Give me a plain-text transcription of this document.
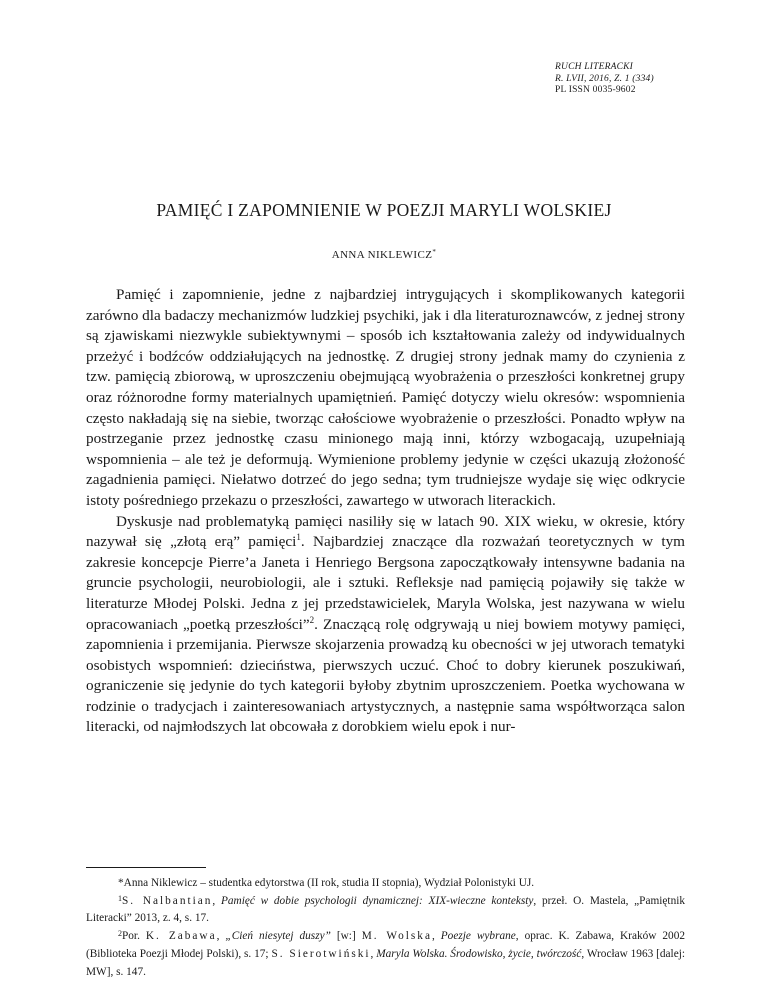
RUCH LITERACKI
R. LVII, 2016, Z. 1 (334)
PL ISSN 0035-9602
PAMIĘĆ I ZAPOMNIENIE W POEZJI MARYLI WOLSKIEJ
ANNA NIKLEWICZ*

Pamięć i zapomnienie, jedne z najbardziej intrygujących i skomplikowanych kategorii zarówno dla badaczy mechanizmów ludzkiej psychiki, jak i dla literaturoznawców, z jednej strony są zjawiskami niezwykle subiektywnymi – sposób ich kształtowania zależy od indywidualnych przeżyć i bodźców oddziałujących na jednostkę. Z drugiej strony jednak mamy do czynienia z tzw. pamięcią zbiorową, w uproszczeniu obejmującą wyobrażenia o przeszłości konkretnej grupy oraz różnorodne formy materialnych upamiętnień. Pamięć dotyczy wielu okresów: wspomnienia często nakładają się na siebie, tworząc całościowe wyobrażenie o przeszłości. Ponadto wpływ na postrzeganie przez jednostkę czasu minionego mają inni, którzy wzbogacają, uzupełniają wspomnienia – ale też je deformują. Wymienione problemy jedynie w części ukazują złożoność zagadnienia pamięci. Niełatwo dotrzeć do jego sedna; tym trudniejsze wydaje się więc odkrycie istoty pośredniego przekazu o przeszłości, zawartego w utworach literackich.

Dyskusje nad problematyką pamięci nasiliły się w latach 90. XIX wieku, w okresie, który nazywał się „złotą erą” pamięci$^1$. Najbardziej znaczące dla rozważań teoretycznych w tym zakresie koncepcje Pierre’a Janeta i Henriego Bergsona zapoczątkowały intensywne badania na gruncie psychologii, neurobiologii, ale i sztuki. Refleksje nad pamięcią pojawiły się także w literaturze Młodej Polski. Jedna z jej przedstawicielek, Maryla Wolska, jest nazywana w wielu opracowaniach „poetką przeszłości”$^2$. Znaczącą rolę odgrywają u niej bowiem motywy pamięci, zapomnienia i przemijania. Pierwsze skojarzenia prowadzą ku obecności w jej utworach tematyki osobistych wspomnień: dzieciństwa, pierwszych uczuć. Choć to dobry kierunek poszukiwań, ograniczenie się jedynie do tych kategorii byłoby zbytnim uproszczeniem. Poetka wychowana w rodzinie o tradycjach i zainteresowaniach artystycznych, a następnie sama współtworząca salon literacki, od najmłodszych lat obcowała z dorobkiem wielu epok i nur-

*Anna Niklewicz – studentka edytorstwa (II rok, studia II stopnia), Wydział Polonistyki UJ.

$^1$S. Nalbantian, Pamięć w dobie psychologii dynamicznej: XIX-wieczne konteksty, przeł. O. Mastela, „Pamiętnik Literacki” 2013, z. 4, s. 17.

$^2$Por. K. Zabawa, „Cień niesytej duszy” [w:] M. Wolska, Poezje wybrane, oprac. K. Zabawa, Kraków 2002 (Biblioteka Poezji Młodej Polski), s. 17; S. Sierotwiński, Maryla Wolska. Środowisko, życie, twórczość, Wrocław 1963 [dalej: MW], s. 147.
